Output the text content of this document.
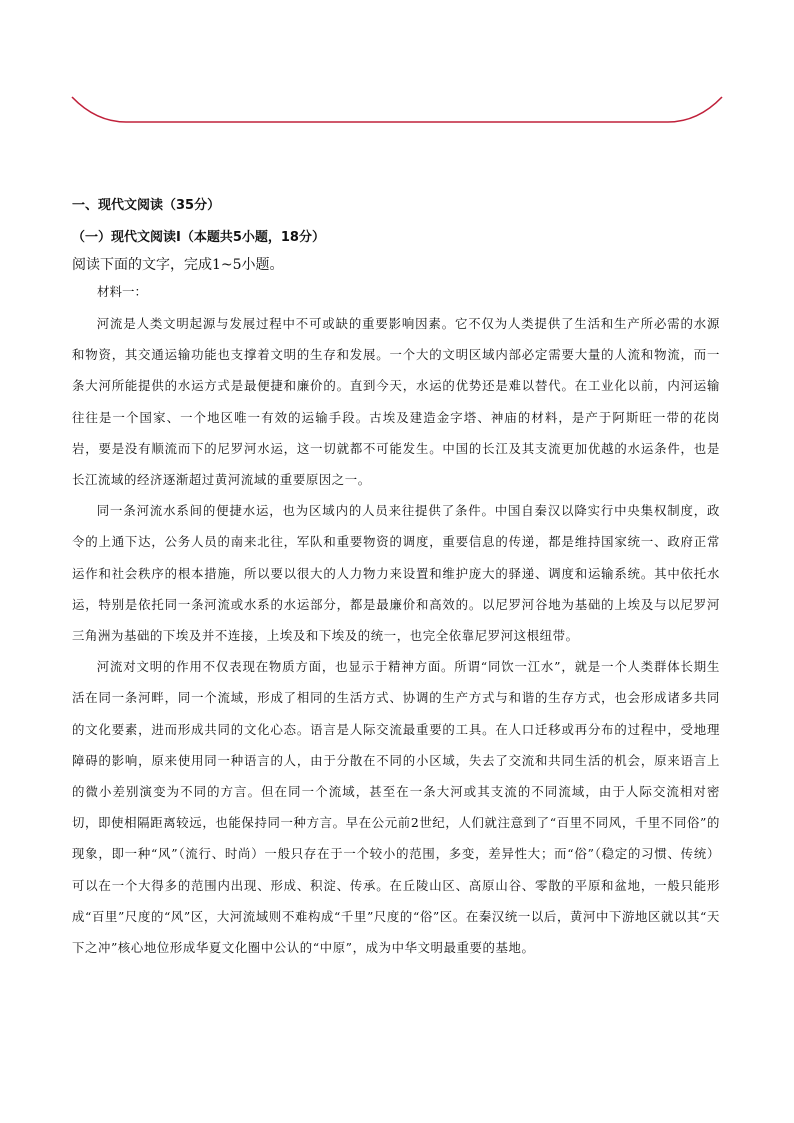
一、现代文阅读（35分）
（一）现代文阅读Ⅰ（本题共5小题，18分）
阅读下面的文字，完成1~5小题。
材料一：

河流是人类文明起源与发展过程中不可或缺的重要影响因素。它不仅为人类提供了生活和生产所必需的水源和物资，其交通运输功能也支撑着文明的生存和发展。一个大的文明区域内部必定需要大量的人流和物流，而一条大河所能提供的水运方式是最便捷和廉价的。直到今天，水运的优势还是难以替代。在工业化以前，内河运输往往是一个国家、一个地区唯一有效的运输手段。古埃及建造金字塔、神庙的材料，是产于阿斯旺一带的花岗岩，要是没有顺流而下的尼罗河水运，这一切就都不可能发生。中国的长江及其支流更加优越的水运条件，也是长江流域的经济逐渐超过黄河流域的重要原因之一。

同一条河流水系间的便捷水运，也为区域内的人员来往提供了条件。中国自秦汉以降实行中央集权制度，政令的上通下达，公务人员的南来北往，军队和重要物资的调度，重要信息的传递，都是维持国家统一、政府正常运作和社会秩序的根本措施，所以要以很大的人力物力来设置和维护庞大的驿递、调度和运输系统。其中依托水运，特别是依托同一条河流或水系的水运部分，都是最廉价和高效的。以尼罗河谷地为基础的上埃及与以尼罗河三角洲为基础的下埃及并不连接，上埃及和下埃及的统一，也完全依靠尼罗河这根纽带。

河流对文明的作用不仅表现在物质方面，也显示于精神方面。所谓“同饮一江水”，就是一个人类群体长期生活在同一条河畔，同一个流域，形成了相同的生活方式、协调的生产方式与和谐的生存方式，也会形成诸多共同的文化要素，进而形成共同的文化心态。语言是人际交流最重要的工具。在人口迁移或再分布的过程中，受地理障碍的影响，原来使用同一种语言的人，由于分散在不同的小区域，失去了交流和共同生活的机会，原来语言上的微小差别演变为不同的方言。但在同一个流域，甚至在一条大河或其支流的不同流域，由于人际交流相对密切，即使相隔距离较远，也能保持同一种方言。早在公元前2世纪，人们就注意到了“百里不同风，千里不同俗”的现象，即一种“风”（流行、时尚）一般只存在于一个较小的范围，多变，差异性大；而“俗”（稳定的习惯、传统）可以在一个大得多的范围内出现、形成、积淀、传承。在丘陵山区、高原山谷、零散的平原和盆地，一般只能形成“百里”尺度的“风”区，大河流域则不难构成“千里”尺度的“俗”区。在秦汉统一以后，黄河中下游地区就以其“天下之冲”核心地位形成华夏文化圈中公认的“中原”，成为中华文明最重要的基地。
